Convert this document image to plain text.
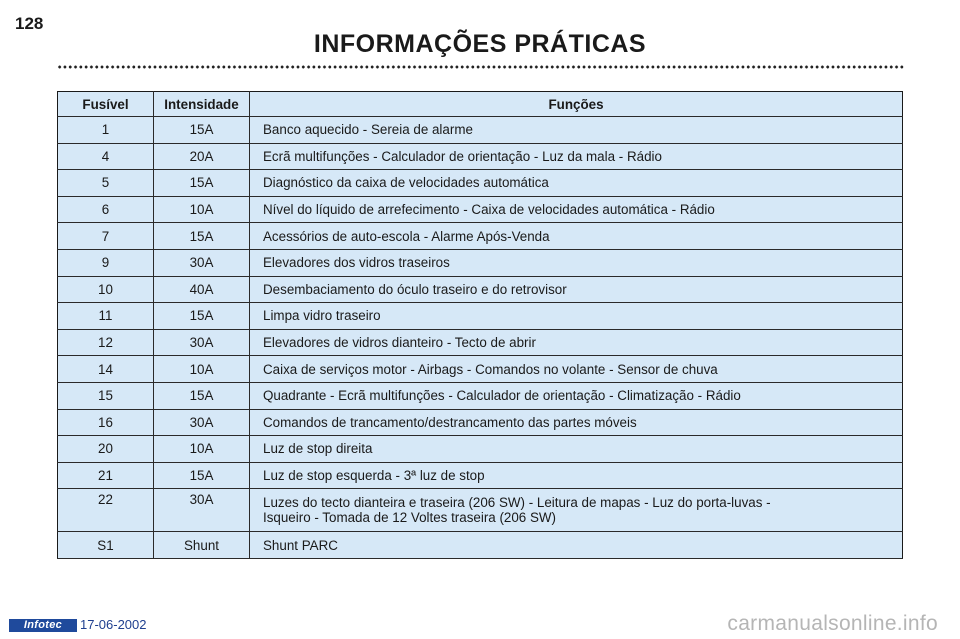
128
INFORMAÇÕES PRÁTICAS
Fusível	Intensidade	Funções
1	15A	Banco aquecido - Sereia de alarme
4	20A	Ecrã multifunções - Calculador de orientação - Luz da mala - Rádio
5	15A	Diagnóstico da caixa de velocidades automática
6	10A	Nível do líquido de arrefecimento - Caixa de velocidades automática - Rádio
7	15A	Acessórios de auto-escola - Alarme Após-Venda
9	30A	Elevadores dos vidros traseiros
10	40A	Desembaciamento do óculo traseiro e do retrovisor
11	15A	Limpa vidro traseiro
12	30A	Elevadores de vidros dianteiro - Tecto de abrir
14	10A	Caixa de serviços motor - Airbags - Comandos no volante - Sensor de chuva
15	15A	Quadrante - Ecrã multifunções - Calculador de orientação - Climatização - Rádio
16	30A	Comandos de trancamento/destrancamento das partes móveis
20	10A	Luz de stop direita
21	15A	Luz de stop esquerda - 3ª luz de stop
22	30A	Luzes do tecto dianteira e traseira (206 SW) - Leitura de mapas - Luz do porta-luvas -
Isqueiro - Tomada de 12 Voltes traseira (206 SW)

S1	Shunt	Shunt PARC
Infotec	17-06-2002	carmanualsonline.info
